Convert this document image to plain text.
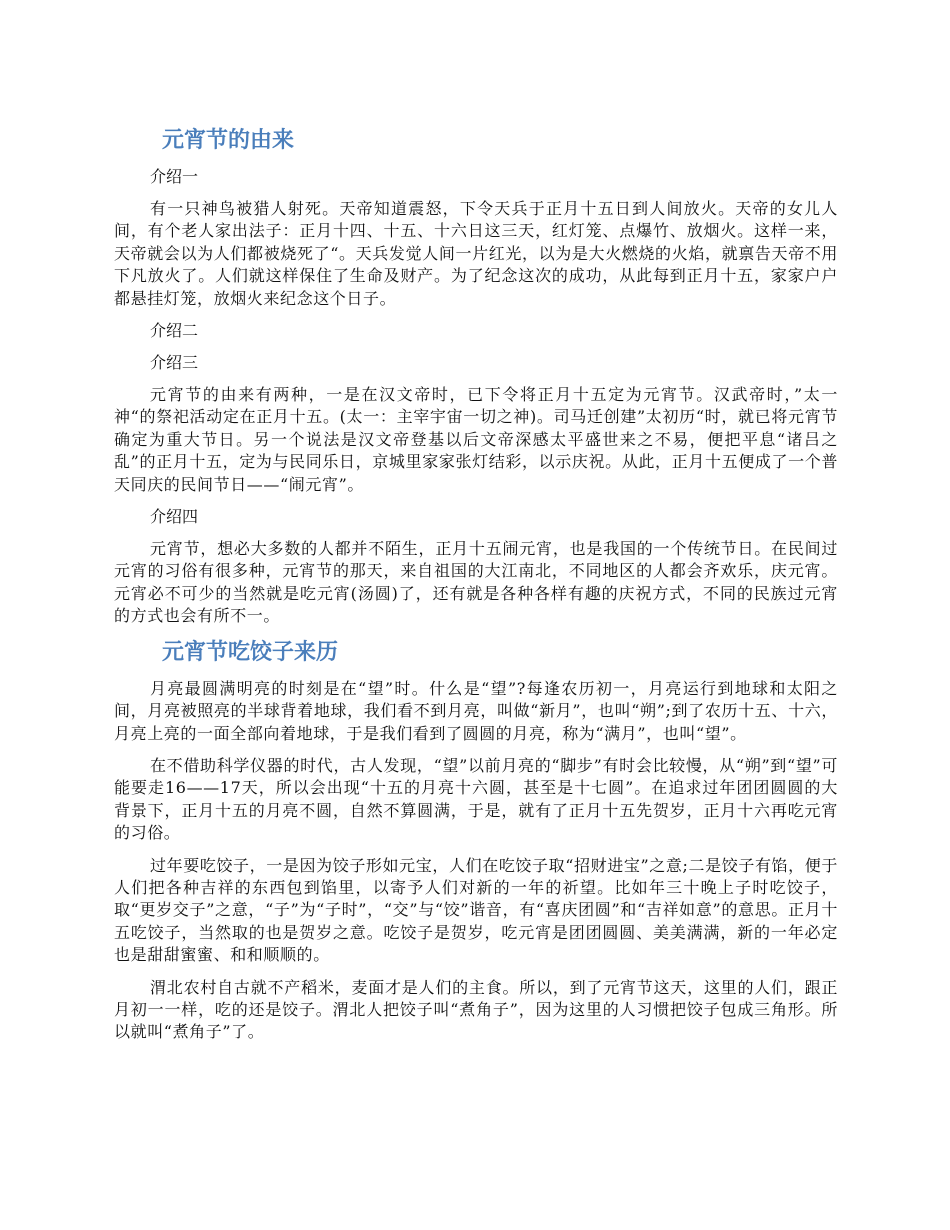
元宵节的由来
介绍一
有一只神鸟被猎人射死。天帝知道震怒，下令天兵于正月十五日到人间放火。天帝的女儿人间，有个老人家出法子：正月十四、十五、十六日这三天，红灯笼、点爆竹、放烟火。这样一来，天帝就会以为人们都被烧死了“。天兵发觉人间一片红光，以为是大火燃烧的火焰，就禀告天帝不用下凡放火了。人们就这样保住了生命及财产。为了纪念这次的成功，从此每到正月十五，家家户户都悬挂灯笼，放烟火来纪念这个日子。
介绍二
介绍三
元宵节的由来有两种，一是在汉文帝时，已下令将正月十五定为元宵节。汉武帝时，”太一神“的祭祀活动定在正月十五。(太一：主宰宇宙一切之神)。司马迁创建”太初历“时，就已将元宵节确定为重大节日。另一个说法是汉文帝登基以后文帝深感太平盛世来之不易，便把平息“诸吕之乱”的正月十五，定为与民同乐日，京城里家家张灯结彩，以示庆祝。从此，正月十五便成了一个普天同庆的民间节日——“闹元宵”。
介绍四
元宵节，想必大多数的人都并不陌生，正月十五闹元宵，也是我国的一个传统节日。在民间过元宵的习俗有很多种，元宵节的那天，来自祖国的大江南北，不同地区的人都会齐欢乐，庆元宵。元宵必不可少的当然就是吃元宵(汤圆)了，还有就是各种各样有趣的庆祝方式，不同的民族过元宵的方式也会有所不一。
元宵节吃饺子来历
月亮最圆满明亮的时刻是在“望”时。什么是“望”?每逢农历初一，月亮运行到地球和太阳之间，月亮被照亮的半球背着地球，我们看不到月亮，叫做“新月”，也叫“朔”;到了农历十五、十六，月亮上亮的一面全部向着地球，于是我们看到了圆圆的月亮，称为“满月”，也叫“望”。
在不借助科学仪器的时代，古人发现，“望”以前月亮的“脚步”有时会比较慢，从“朔”到“望”可能要走16——17天，所以会出现“十五的月亮十六圆，甚至是十七圆”。在追求过年团团圆圆的大背景下，正月十五的月亮不圆，自然不算圆满，于是，就有了正月十五先贺岁，正月十六再吃元宵的习俗。
过年要吃饺子，一是因为饺子形如元宝，人们在吃饺子取“招财进宝”之意;二是饺子有馅，便于人们把各种吉祥的东西包到馅里，以寄予人们对新的一年的祈望。比如年三十晚上子时吃饺子，取“更岁交子”之意，“子”为“子时”，“交”与“饺”谐音，有“喜庆团圆”和“吉祥如意”的意思。正月十五吃饺子，当然取的也是贺岁之意。吃饺子是贺岁，吃元宵是团团圆圆、美美满满，新的一年必定也是甜甜蜜蜜、和和顺顺的。
渭北农村自古就不产稻米，麦面才是人们的主食。所以，到了元宵节这天，这里的人们，跟正月初一一样，吃的还是饺子。渭北人把饺子叫“煮角子”，因为这里的人习惯把饺子包成三角形。所以就叫“煮角子”了。
